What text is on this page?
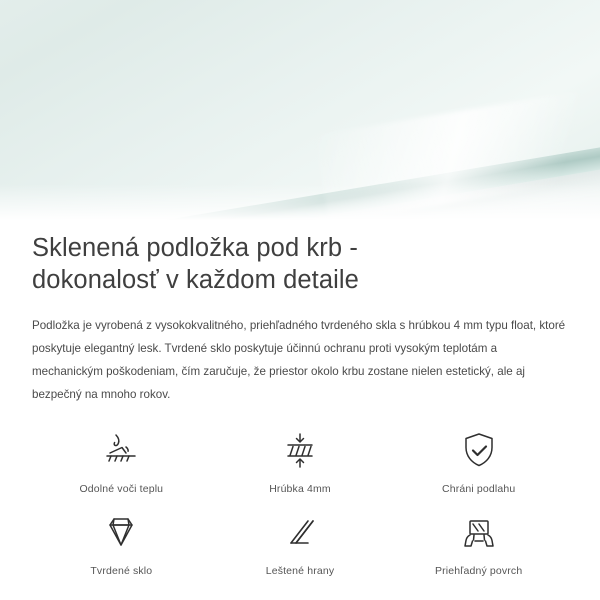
Sklenená podložka pod krb - dokonalosť v každom detaile

Podložka je vyrobená z vysokokvalitného, priehľadného tvrdeného skla s hrúbkou 4 mm typu float, ktoré poskytuje elegantný lesk. Tvrdené sklo poskytuje účinnú ochranu proti vysokým teplotám a mechanickým poškodeniam, čím zaručuje, že priestor okolo krbu zostane nielen estetický, ale aj bezpečný na mnoho rokov.

Odolné voči teplu	Hrúbka 4mm	Chráni podlahu
Tvrdené sklo	Leštené hrany	Priehľadný povrch
